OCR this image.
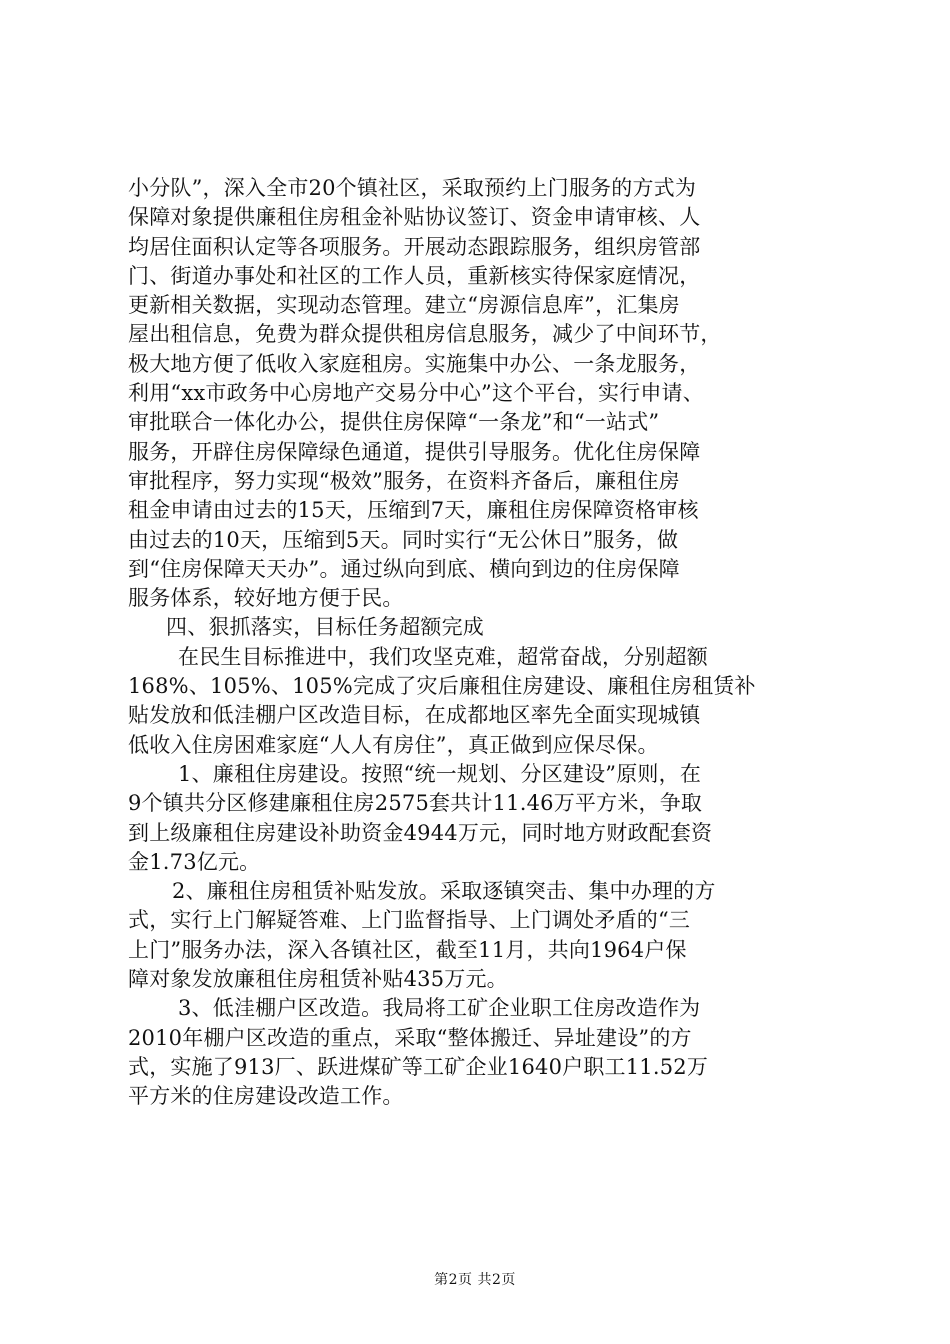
小分队”，深入全市20个镇社区，采取预约上门服务的方式为
保障对象提供廉租住房租金补贴协议签订、资金申请审核、人
均居住面积认定等各项服务。开展动态跟踪服务，组织房管部
门、街道办事处和社区的工作人员，重新核实待保家庭情况，
更新相关数据，实现动态管理。建立“房源信息库”，汇集房
屋出租信息，免费为群众提供租房信息服务，减少了中间环节，
极大地方便了低收入家庭租房。实施集中办公、一条龙服务，
利用“xx市政务中心房地产交易分中心”这个平台，实行申请、
审批联合一体化办公，提供住房保障“一条龙”和“一站式”
服务，开辟住房保障绿色通道，提供引导服务。优化住房保障
审批程序，努力实现“极效”服务，在资料齐备后，廉租住房
租金申请由过去的15天，压缩到7天，廉租住房保障资格审核
由过去的10天，压缩到5天。同时实行“无公休日”服务，做
到“住房保障天天办”。通过纵向到底、横向到边的住房保障
服务体系，较好地方便于民。
四、狠抓落实，目标任务超额完成
在民生目标推进中，我们攻坚克难，超常奋战，分别超额
168%、105%、105%完成了灾后廉租住房建设、廉租住房租赁补
贴发放和低洼棚户区改造目标，在成都地区率先全面实现城镇
低收入住房困难家庭“人人有房住”，真正做到应保尽保。
1、廉租住房建设。按照“统一规划、分区建设”原则，在
9个镇共分区修建廉租住房2575套共计11.46万平方米，争取
到上级廉租住房建设补助资金4944万元，同时地方财政配套资
金1.73亿元。
2、廉租住房租赁补贴发放。采取逐镇突击、集中办理的方
式，实行上门解疑答难、上门监督指导、上门调处矛盾的“三
上门”服务办法，深入各镇社区，截至11月，共向1964户保
障对象发放廉租住房租赁补贴435万元。
3、低洼棚户区改造。我局将工矿企业职工住房改造作为
2010年棚户区改造的重点，采取“整体搬迁、异址建设”的方
式，实施了913厂、跃进煤矿等工矿企业1640户职工11.52万
平方米的住房建设改造工作。
第2页 共2页
